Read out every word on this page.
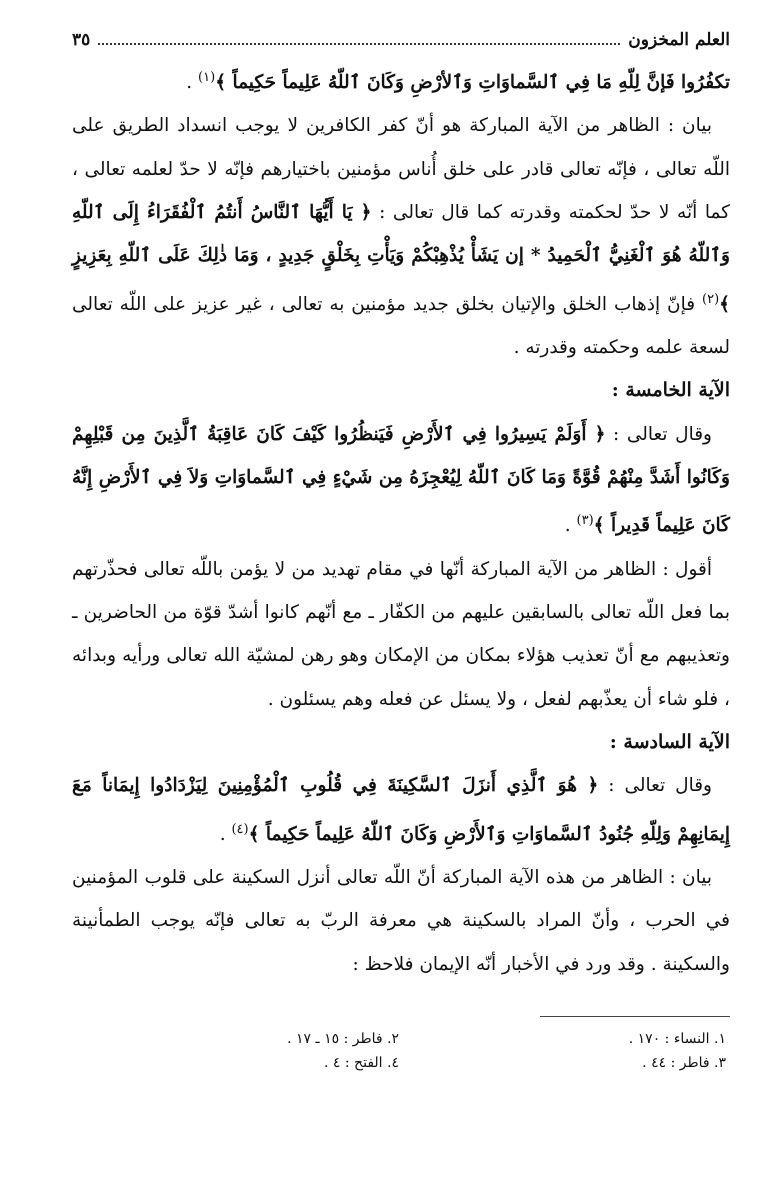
العلم المخزون
٣٥

تكفُرُوا فَإنَّ لِلّهِ مَا فِي ٱلسَّماوَاتِ وَٱلأرْضِ وَكَانَ ٱللّهُ عَلِيماً حَكِيماً ﴾$^{(١)}$ .

بيان : الظاهر من الآية المباركة هو أنّ كفر الكافرين لا يوجب انسداد الطريق على اللّه تعالى ، فإنّه تعالى قادر على خلق أُناس مؤمنين باختيارهم فإنّه لا حدّ لعلمه تعالى ، كما أنّه لا حدّ لحكمته وقدرته كما قال تعالى : ﴿ يَا أَيُّهَا ٱلنَّاسُ أَنتُمُ ٱلْفُقَرَاءُ إِلَى ٱللّهِ وَٱللّهُ هُوَ ٱلْغَنِيُّ ٱلْحَمِيدُ * إن يَشَأْ يُذْهِبْكُمْ وَيَأْتِ بِخَلْقٍ جَدِيدٍ ، وَمَا ذٰلِكَ عَلَى ٱللّهِ بِعَزِيزٍ ﴾$^{(٢)}$ فإنّ إذهاب الخلق والإتيان بخلق جديد مؤمنين به تعالى ، غير عزيز على اللّه تعالى لسعة علمه وحكمته وقدرته .

الآية الخامسة :

وقال تعالى : ﴿ أَوَلَمْ يَسِيرُوا فِي ٱلأَرْضِ فَيَنظُرُوا كَيْفَ كَانَ عَاقِبَةُ ٱلَّذِينَ مِن قَبْلِهِمْ وَكَانُوا أَشَدَّ مِنْهُمْ قُوَّةً وَمَا كَانَ ٱللّهُ لِيُعْجِزَهُ مِن شَيْءٍ فِي ٱلسَّماوَاتِ وَلاَ فِي ٱلأَرْضِ إِنَّهُ كَانَ عَلِيماً قَدِيراً ﴾$^{(٣)}$ .

أقول : الظاهر من الآية المباركة أنّها في مقام تهديد من لا يؤمن باللّه تعالى فحذّرتهم بما فعل اللّه تعالى بالسابقين عليهم من الكفّار ـ مع أنّهم كانوا أشدّ قوّة من الحاضرين ـ وتعذيبهم مع أنّ تعذيب هؤلاء بمكان من الإمكان وهو رهن لمشيّة الله تعالى ورأيه وبدائه ، فلو شاء أن يعذّبهم لفعل ، ولا يسئل عن فعله وهم يسئلون .

الآية السادسة :

وقال تعالى : ﴿ هُوَ ٱلَّذِي أَنزَلَ ٱلسَّكِينَةَ فِي قُلُوبِ ٱلْمُؤْمِنِينَ لِيَزْدَادُوا إِيمَاناً مَعَ إِيمَانِهِمْ وَلِلّهِ جُنُودُ ٱلسَّماوَاتِ وَٱلأَرْضِ وَكَانَ ٱللّهُ عَلِيماً حَكِيماً ﴾$^{(٤)}$ .

بيان : الظاهر من هذه الآية المباركة أنّ اللّه تعالى أنزل السكينة على قلوب المؤمنين في الحرب ، وأنّ المراد بالسكينة هي معرفة الربّ به تعالى فإنّه يوجب الطمأنينة والسكينة . وقد ورد في الأخبار أنّه الإيمان فلاحظ :

١. النساء : ١٧٠ .
٢. فاطر : ١٥ ـ ١٧ .
٣. فاطر : ٤٤ .
٤. الفتح : ٤ .
